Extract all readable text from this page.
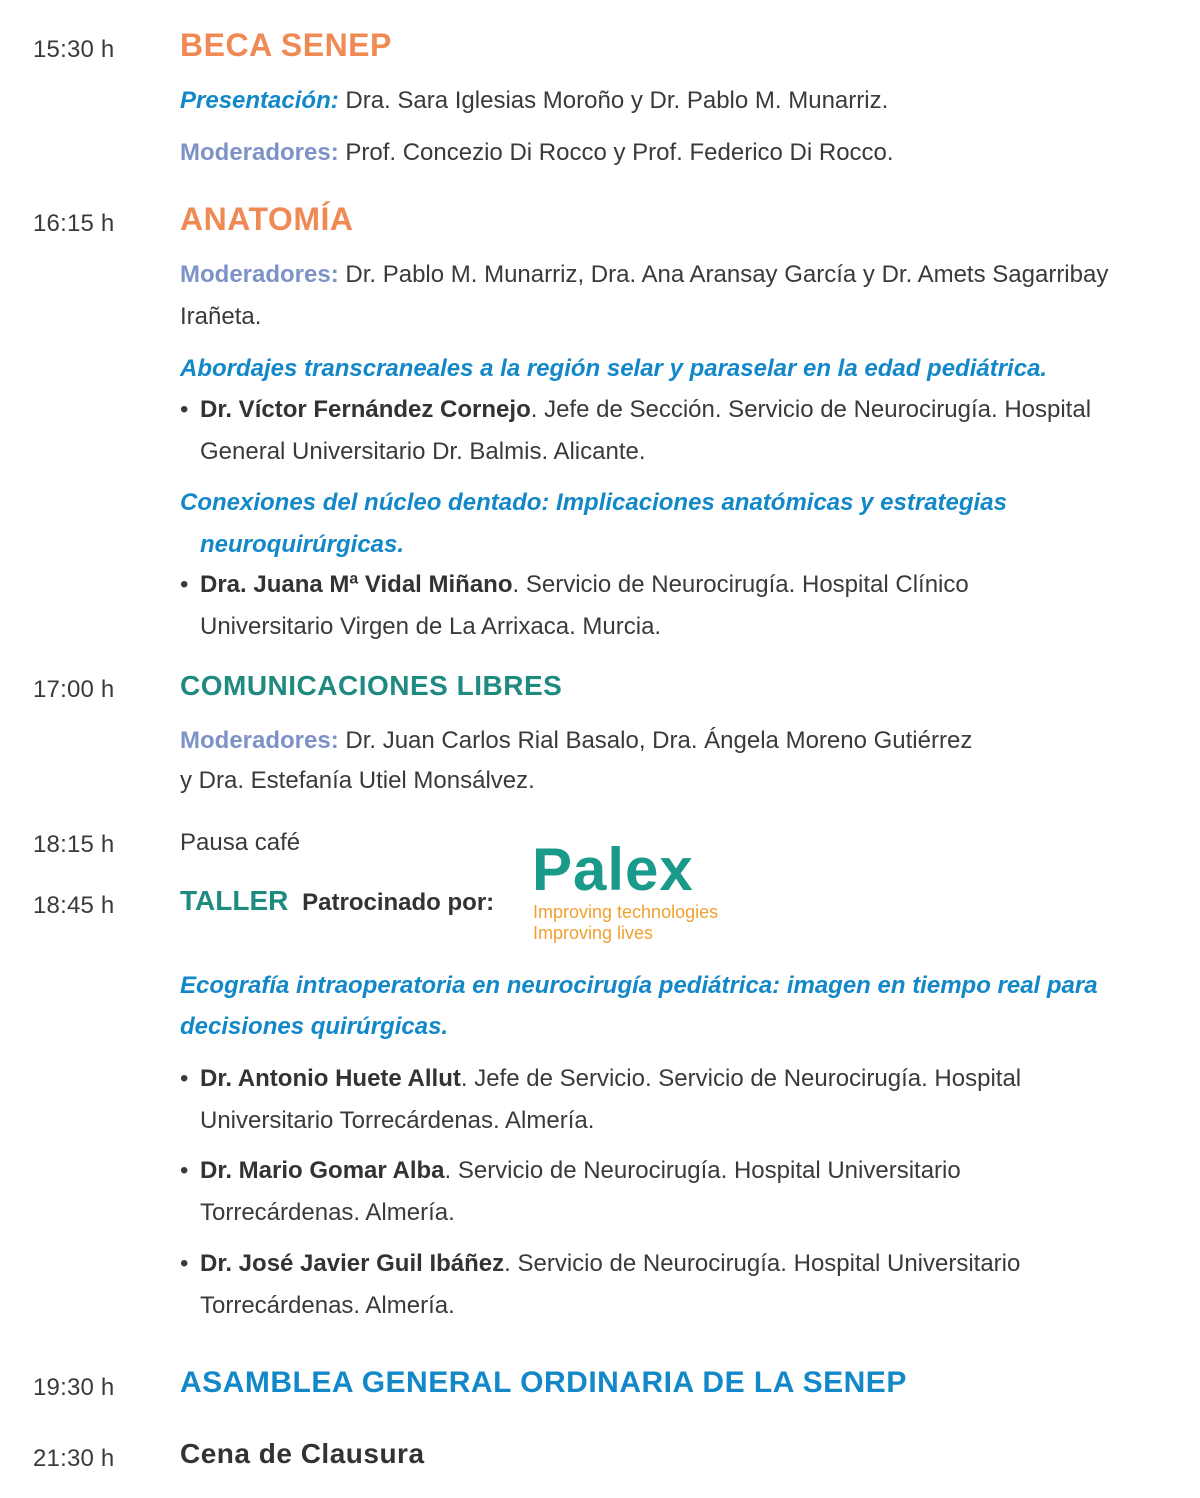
15:30 h BECA SENEP
Presentación: Dra. Sara Iglesias Moroño y Dr. Pablo M. Munarriz.
Moderadores: Prof. Concezio Di Rocco y Prof. Federico Di Rocco.
16:15 h ANATOMÍA
Moderadores: Dr. Pablo M. Munarriz, Dra. Ana Aransay García y Dr. Amets Sagarribay
Irañeta.
Abordajes transcraneales a la región selar y paraselar en la edad pediátrica.
• Dr. Víctor Fernández Cornejo. Jefe de Sección. Servicio de Neurocirugía. Hospital
General Universitario Dr. Balmis. Alicante.
Conexiones del núcleo dentado: Implicaciones anatómicas y estrategias
neuroquirúrgicas.
• Dra. Juana Mª Vidal Miñano. Servicio de Neurocirugía. Hospital Clínico
Universitario Virgen de La Arrixaca. Murcia.
17:00 h COMUNICACIONES LIBRES
Moderadores: Dr. Juan Carlos Rial Basalo, Dra. Ángela Moreno Gutiérrez
y Dra. Estefanía Utiel Monsálvez.
18:15 h	Pausa café
18:45 h TALLER Patrocinado por: Palex
Improving technologies
Improving lives
Ecografía intraoperatoria en neurocirugía pediátrica: imagen en tiempo real para
decisiones quirúrgicas.
• Dr. Antonio Huete Allut. Jefe de Servicio. Servicio de Neurocirugía. Hospital
Universitario Torrecárdenas. Almería.
• Dr. Mario Gomar Alba. Servicio de Neurocirugía. Hospital Universitario
Torrecárdenas. Almería.
• Dr. José Javier Guil Ibáñez. Servicio de Neurocirugía. Hospital Universitario
Torrecárdenas. Almería.
19:30 h ASAMBLEA GENERAL ORDINARIA DE LA SENEP
21:30 h Cena de Clausura
